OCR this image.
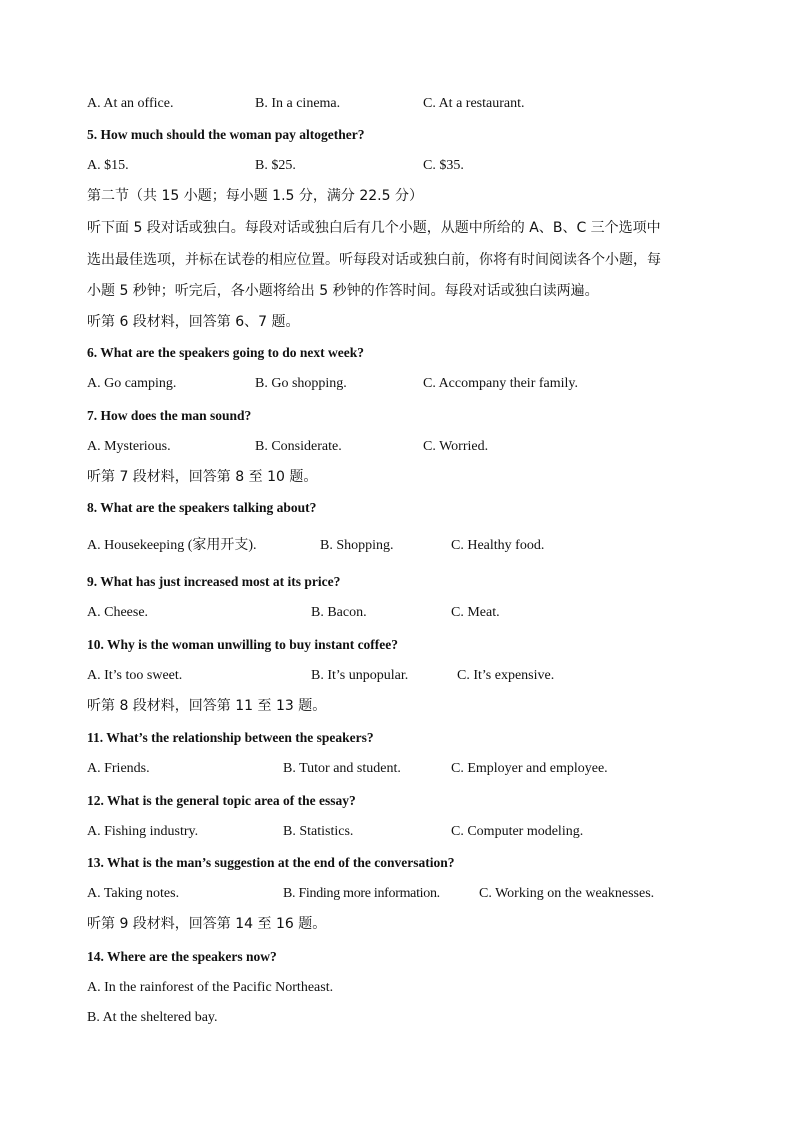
A. At an office.	B. In a cinema.	C. At a restaurant.
5. How much should the woman pay altogether?
A. $15.	B. $25.	C. $35.
第二节（共 15 小题；每小题 1.5 分，满分 22.5 分）
听下面 5 段对话或独白。每段对话或独白后有几个小题，从题中所给的 A、B、C 三个选项中
选出最佳选项，并标在试卷的相应位置。听每段对话或独白前，你将有时间阅读各个小题，每
小题 5 秒钟；听完后，各小题将给出 5 秒钟的作答时间。每段对话或独白读两遍。
听第 6 段材料，回答第 6、7 题。
6. What are the speakers going to do next week?
A. Go camping.	B. Go shopping.	C. Accompany their family.
7. How does the man sound?
A. Mysterious.	B. Considerate.	C. Worried.
听第 7 段材料，回答第 8 至 10 题。
8. What are the speakers talking about?
A. Housekeeping (家用开支).	B. Shopping.	C. Healthy food.
9. What has just increased most at its price?
A. Cheese.	B. Bacon.	C. Meat.
10. Why is the woman unwilling to buy instant coffee?
A. It’s too sweet.	B. It’s unpopular.	C. It’s expensive.
听第 8 段材料，回答第 11 至 13 题。
11. What’s the relationship between the speakers?
A. Friends.	B. Tutor and student.	C. Employer and employee.
12. What is the general topic area of the essay?
A. Fishing industry.	B. Statistics.	C. Computer modeling.
13. What is the man’s suggestion at the end of the conversation?
A. Taking notes.	B. Finding more information.	C. Working on the weaknesses.
听第 9 段材料，回答第 14 至 16 题。
14. Where are the speakers now?
A. In the rainforest of the Pacific Northeast.
B. At the sheltered bay.
